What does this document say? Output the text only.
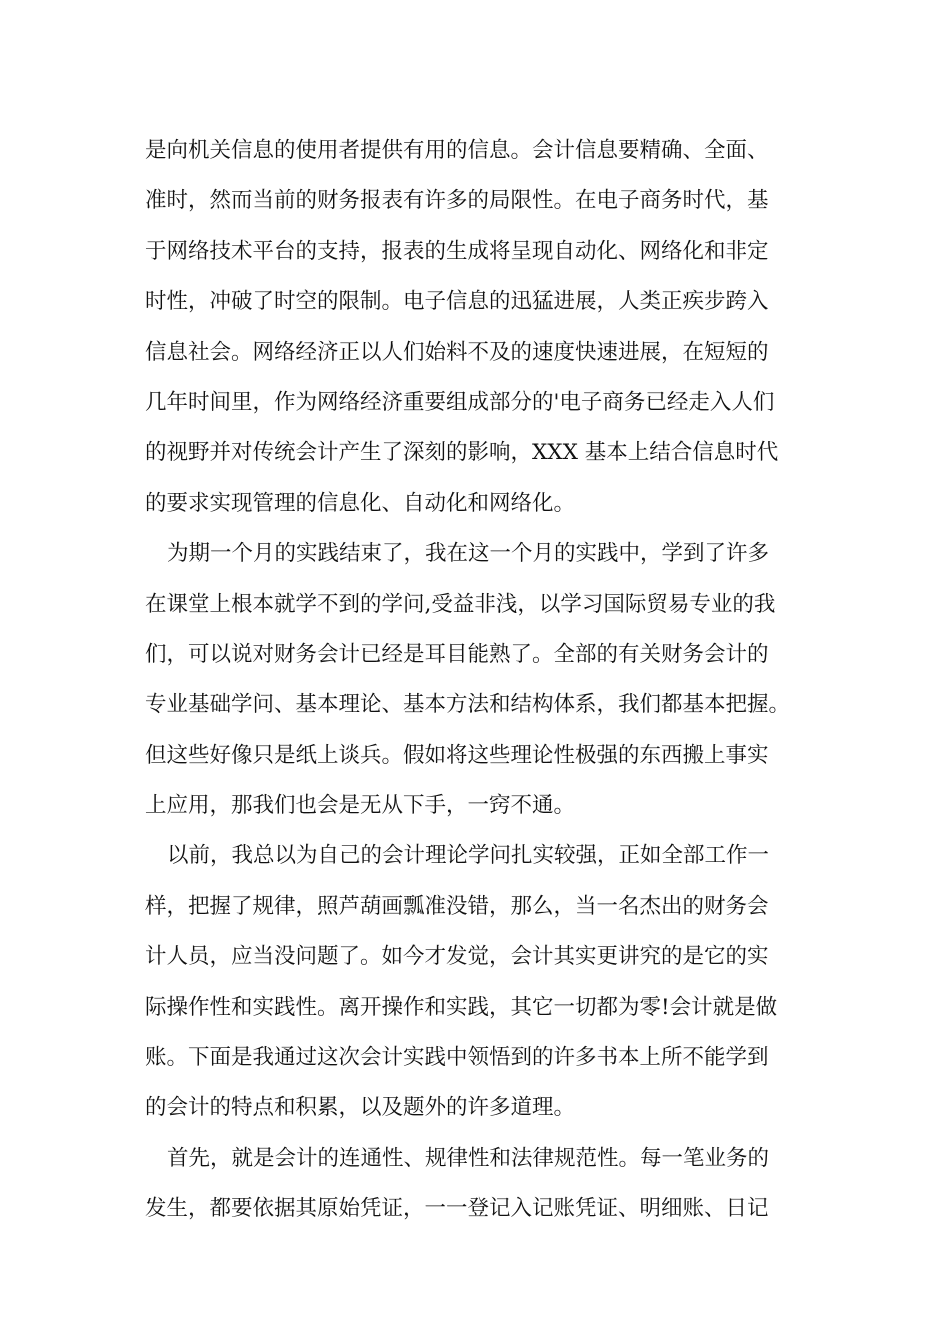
是向机关信息的使用者提供有用的信息。会计信息要精确、全面、
准时，然而当前的财务报表有许多的局限性。在电子商务时代，基
于网络技术平台的支持，报表的生成将呈现自动化、网络化和非定
时性，冲破了时空的限制。电子信息的迅猛进展，人类正疾步跨入
信息社会。网络经济正以人们始料不及的速度快速进展，在短短的
几年时间里，作为网络经济重要组成部分的'电子商务已经走入人们
的视野并对传统会计产生了深刻的影响，XXX 基本上结合信息时代
的要求实现管理的信息化、自动化和网络化。
为期一个月的实践结束了，我在这一个月的实践中，学到了许多
在课堂上根本就学不到的学问,受益非浅，以学习国际贸易专业的我
们，可以说对财务会计已经是耳目能熟了。全部的有关财务会计的
专业基础学问、基本理论、基本方法和结构体系，我们都基本把握。
但这些好像只是纸上谈兵。假如将这些理论性极强的东西搬上事实
上应用，那我们也会是无从下手，一窍不通。
以前，我总以为自己的会计理论学问扎实较强，正如全部工作一
样，把握了规律，照芦葫画瓢准没错，那么，当一名杰出的财务会
计人员，应当没问题了。如今才发觉，会计其实更讲究的是它的实
际操作性和实践性。离开操作和实践，其它一切都为零!会计就是做
账。下面是我通过这次会计实践中领悟到的许多书本上所不能学到
的会计的特点和积累，以及题外的许多道理。
首先，就是会计的连通性、规律性和法律规范性。每一笔业务的
发生，都要依据其原始凭证，一一登记入记账凭证、明细账、日记
